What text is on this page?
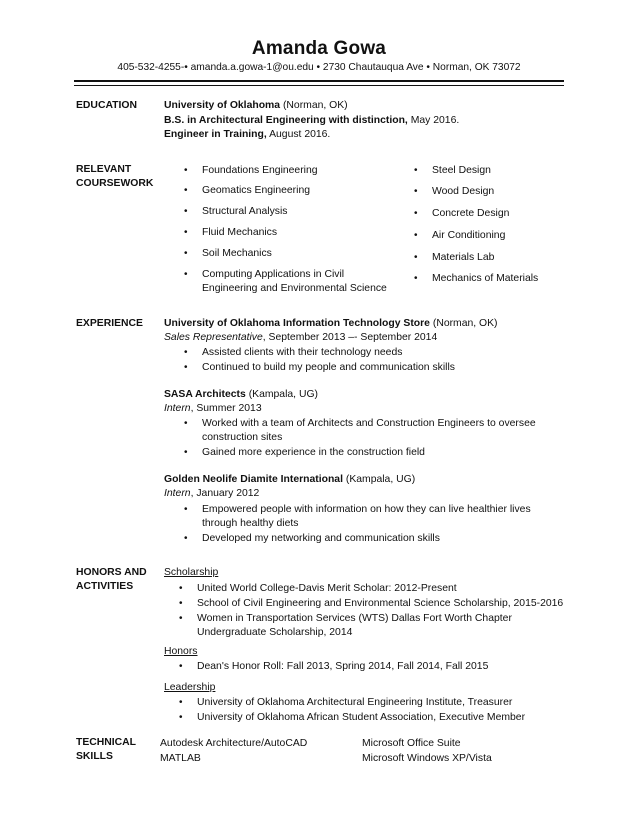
Amanda Gowa
405-532-4255-• amanda.a.gowa-1@ou.edu • 2730 Chautauqua Ave • Norman, OK 73072
EDUCATION	University of Oklahoma (Norman, OK)
B.S. in Architectural Engineering with distinction, May 2016.
Engineer in Training, August 2016.
RELEVANT
COURSEWORK
• Foundations Engineering
• Geomatics Engineering
• Structural Analysis
• Fluid Mechanics
• Soil Mechanics
• Computing Applications in Civil
Engineering and Environmental Science
• Steel Design
• Wood Design
• Concrete Design
• Air Conditioning
• Materials Lab
• Mechanics of Materials
EXPERIENCE University of Oklahoma Information Technology Store (Norman, OK)
Sales Representative, September 2013 –- September 2014
• Assisted clients with their technology needs
• Continued to build my people and communication skills
SASA Architects (Kampala, UG)
Intern, Summer 2013
• Worked with a team of Architects and Construction Engineers to oversee
construction sites
• Gained more experience in the construction field
Golden Neolife Diamite International (Kampala, UG)
Intern, January 2012
• Empowered people with information on how they can live healthier lives
through healthy diets
• Developed my networking and communication skills
HONORS AND
ACTIVITIES
Scholarship
• United World College-Davis Merit Scholar: 2012-Present
• School of Civil Engineering and Environmental Science Scholarship, 2015-2016
• Women in Transportation Services (WTS) Dallas Fort Worth Chapter
Undergraduate Scholarship, 2014
Honors
• Dean's Honor Roll: Fall 2013, Spring 2014, Fall 2014, Fall 2015
Leadership
• University of Oklahoma Architectural Engineering Institute, Treasurer
• University of Oklahoma African Student Association, Executive Member
TECHNICAL
SKILLS
Autodesk Architecture/AutoCAD
MATLAB
Microsoft Office Suite
Microsoft Windows XP/Vista
